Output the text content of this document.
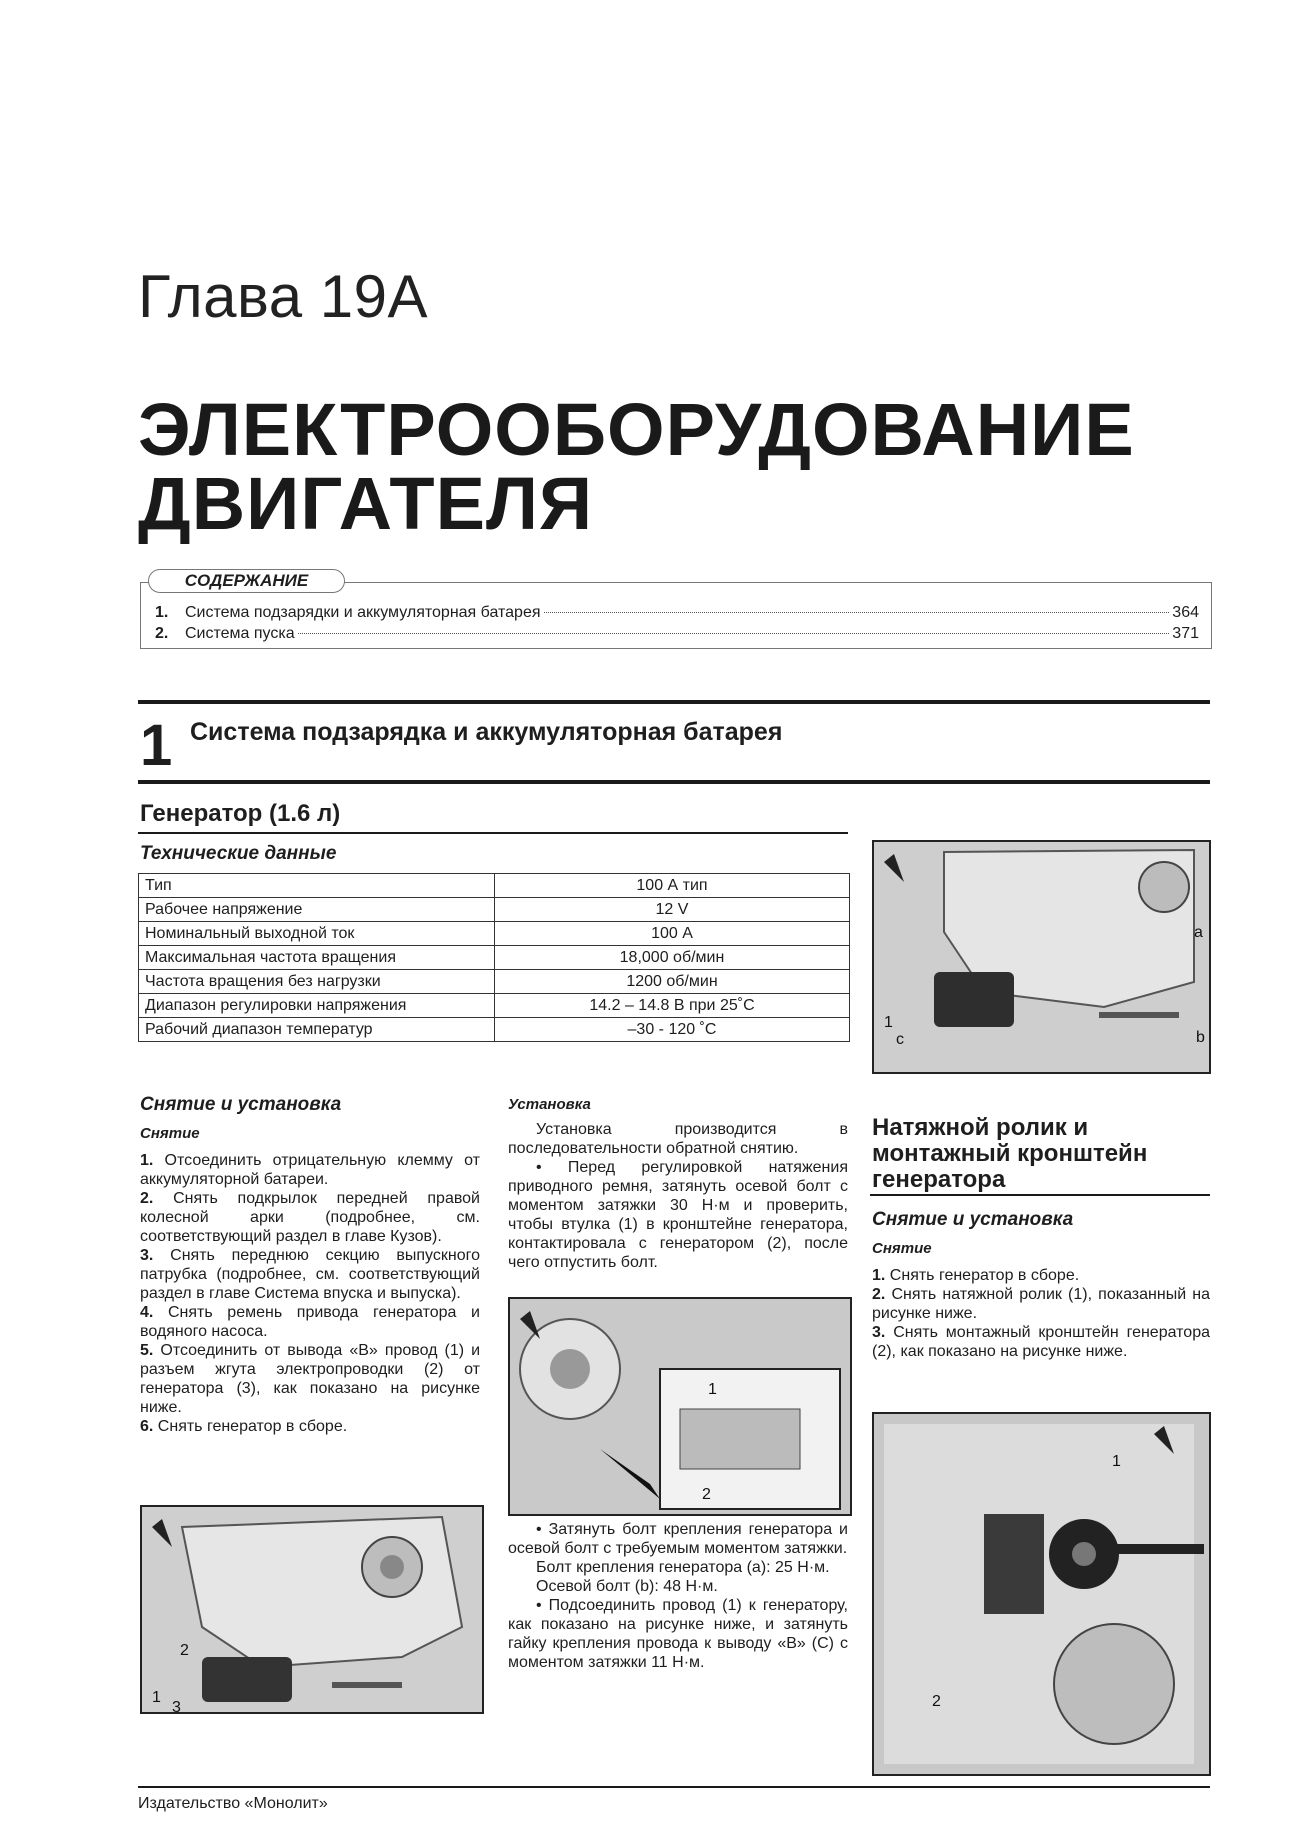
Глава 19А
ЭЛЕКТРООБОРУДОВАНИЕ
ДВИГАТЕЛЯ
1.	Система подзарядки и аккумуляторная батарея	364
2.	Система пуска	371
СОДЕРЖАНИЕ
1 Система подзарядка и аккумуляторная батарея
Генератор (1.6 л)
Технические данные
Тип	100 А тип
Рабочее напряжение	12 V
Номинальный выходной ток	100 А
Максимальная частота вращения	18,000 об/мин
Частота вращения без нагрузки	1200 об/мин
Диапазон регулировки напряжения	14.2 – 14.8 В при 25˚С
Рабочий диапазон температур	–30 - 120 ˚С
Снятие и установка
Снятие
1. Отсоединить отрицательную клемму от аккумуляторной батареи.
2. Снять подкрылок передней правой колесной арки (подробнее, см. соответствующий раздел в главе Кузов).
3. Снять переднюю секцию выпускного патрубка (подробнее, см. соответствующий раздел в главе Система впуска и выпуска).
4. Снять ремень привода генератора и водяного насоса.
5. Отсоединить от вывода «В» провод (1) и разъем жгута электропроводки (2) от генератора (3), как показано на рисунке ниже.
6. Снять генератор в сборе.
2
1
3
Установка
Установка производится в последовательности обратной снятию.
• Перед регулировкой натяжения приводного ремня, затянуть осевой болт с моментом затяжки 30 Н·м и проверить, чтобы втулка (1) в кронштейне генератора, контактировала с генератором (2), после чего отпустить болт.
1
2
• Затянуть болт крепления генератора и осевой болт с требуемым моментом затяжки.
Болт крепления генератора (а): 25 Н·м.
Осевой болт (b): 48 Н·м.
• Подсоединить провод (1) к генератору, как показано на рисунке ниже, и затянуть гайку крепления провода к выводу «В» (С) с моментом затяжки 11 Н·м.
а
1
с	b
Натяжной ролик и монтажный кронштейн генератора
Снятие и установка
Снятие
1. Снять генератор в сборе.
2. Снять натяжной ролик (1), показанный на рисунке ниже.
3. Снять монтажный кронштейн генератора (2), как показано на рисунке ниже.
1
2
Издательство «Монолит»
